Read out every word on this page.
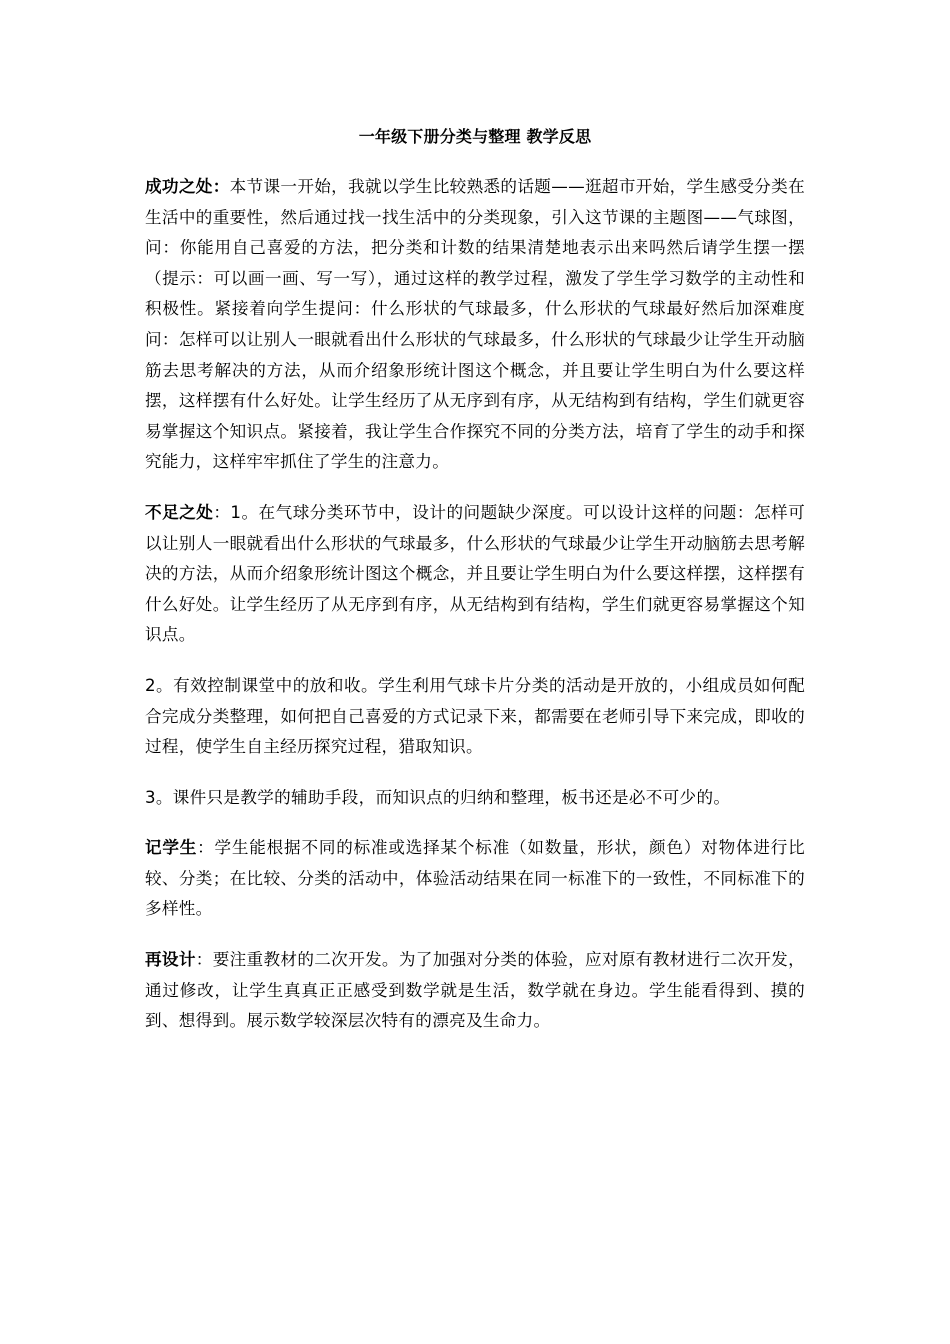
一年级下册分类与整理 教学反思

成功之处：本节课一开始，我就以学生比较熟悉的话题——逛超市开始，学生感受分类在生活中的重要性，然后通过找一找生活中的分类现象，引入这节课的主题图——气球图，问：你能用自己喜爱的方法，把分类和计数的结果清楚地表示出来吗然后请学生摆一摆（提示：可以画一画、写一写），通过这样的教学过程，激发了学生学习数学的主动性和积极性。紧接着向学生提问：什么形状的气球最多，什么形状的气球最好然后加深难度问：怎样可以让别人一眼就看出什么形状的气球最多，什么形状的气球最少让学生开动脑筋去思考解决的方法，从而介绍象形统计图这个概念，并且要让学生明白为什么要这样摆，这样摆有什么好处。让学生经历了从无序到有序，从无结构到有结构，学生们就更容易掌握这个知识点。紧接着，我让学生合作探究不同的分类方法，培育了学生的动手和探究能力，这样牢牢抓住了学生的注意力。

不足之处：1。在气球分类环节中，设计的问题缺少深度。可以设计这样的问题：怎样可以让别人一眼就看出什么形状的气球最多，什么形状的气球最少让学生开动脑筋去思考解决的方法，从而介绍象形统计图这个概念，并且要让学生明白为什么要这样摆，这样摆有什么好处。让学生经历了从无序到有序，从无结构到有结构，学生们就更容易掌握这个知识点。

2。有效控制课堂中的放和收。学生利用气球卡片分类的活动是开放的，小组成员如何配合完成分类整理，如何把自己喜爱的方式记录下来，都需要在老师引导下来完成，即收的过程，使学生自主经历探究过程，猎取知识。

3。课件只是教学的辅助手段，而知识点的归纳和整理，板书还是必不可少的。

记学生：学生能根据不同的标准或选择某个标准（如数量，形状，颜色）对物体进行比较、分类；在比较、分类的活动中，体验活动结果在同一标准下的一致性，不同标准下的多样性。

再设计：要注重教材的二次开发。为了加强对分类的体验，应对原有教材进行二次开发，通过修改，让学生真真正正感受到数学就是生活，数学就在身边。学生能看得到、摸的到、想得到。展示数学较深层次特有的漂亮及生命力。
